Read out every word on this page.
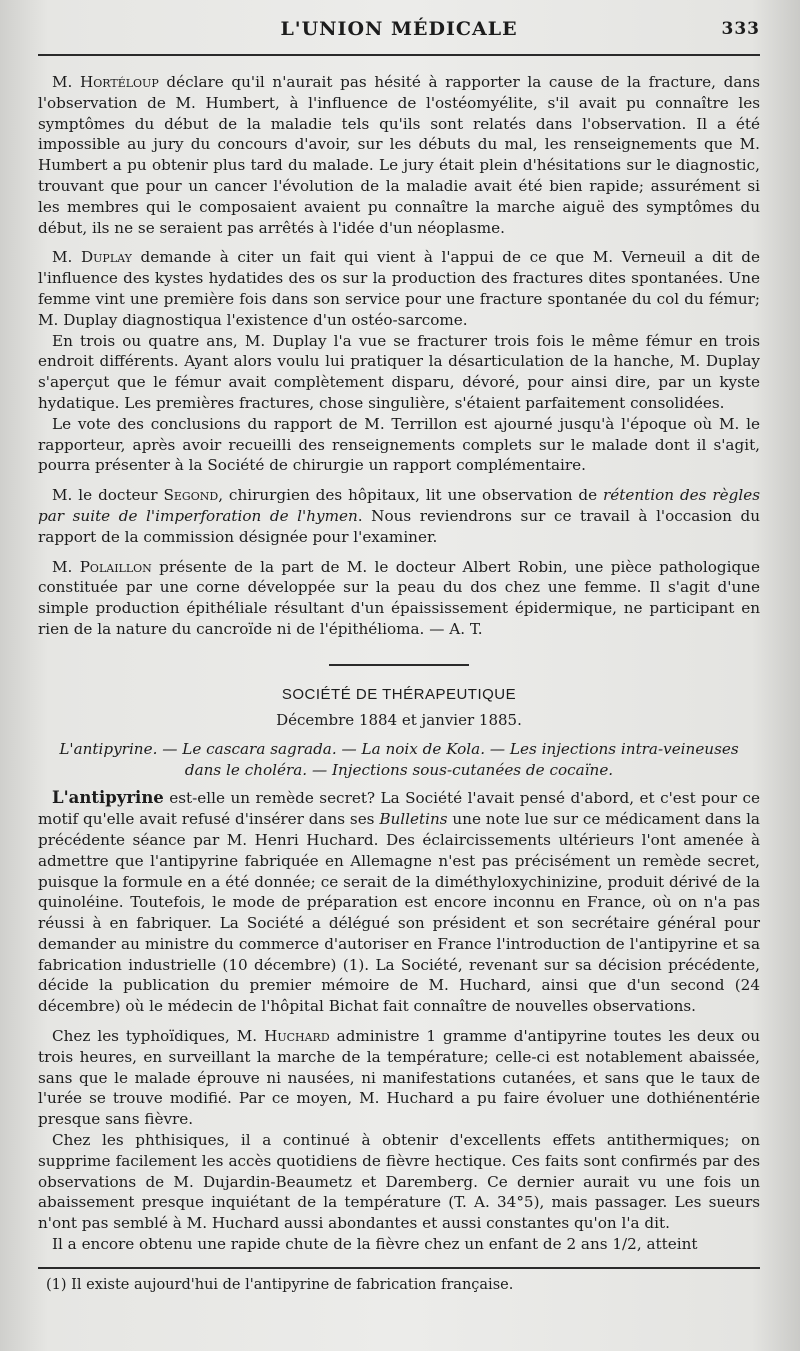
L'UNION MÉDICALE	333

M. Hortéloup déclare qu'il n'aurait pas hésité à rapporter la cause de la fracture, dans l'observation de M. Humbert, à l'influence de l'ostéomyélite, s'il avait pu connaître les symptômes du début de la maladie tels qu'ils sont relatés dans l'observation. Il a été impossible au jury du concours d'avoir, sur les débuts du mal, les renseignements que M. Humbert a pu obtenir plus tard du malade. Le jury était plein d'hésitations sur le diagnostic, trouvant que pour un cancer l'évolution de la maladie avait été bien rapide; assurément si les membres qui le composaient avaient pu connaître la marche aiguë des symptômes du début, ils ne se seraient pas arrêtés à l'idée d'un néoplasme.

M. Duplay demande à citer un fait qui vient à l'appui de ce que M. Verneuil a dit de l'influence des kystes hydatides des os sur la production des fractures dites spontanées. Une femme vint une première fois dans son service pour une fracture spontanée du col du fémur; M. Duplay diagnostiqua l'existence d'un ostéo-sarcome.

En trois ou quatre ans, M. Duplay l'a vue se fracturer trois fois le même fémur en trois endroit différents. Ayant alors voulu lui pratiquer la désarticulation de la hanche, M. Duplay s'aperçut que le fémur avait complètement disparu, dévoré, pour ainsi dire, par un kyste hydatique. Les premières fractures, chose singulière, s'étaient parfaitement consolidées.

Le vote des conclusions du rapport de M. Terrillon est ajourné jusqu'à l'époque où M. le rapporteur, après avoir recueilli des renseignements complets sur le malade dont il s'agit, pourra présenter à la Société de chirurgie un rapport complémentaire.

M. le docteur Segond, chirurgien des hôpitaux, lit une observation de rétention des règles par suite de l'imperforation de l'hymen. Nous reviendrons sur ce travail à l'occasion du rapport de la commission désignée pour l'examiner.

M. Polaillon présente de la part de M. le docteur Albert Robin, une pièce pathologique constituée par une corne développée sur la peau du dos chez une femme. Il s'agit d'une simple production épithéliale résultant d'un épaississement épidermique, ne participant en rien de la nature du cancroïde ni de l'épithélioma. — A. T.

SOCIÉTÉ DE THÉRAPEUTIQUE
Décembre 1884 et janvier 1885.
L'antipyrine. — Le cascara sagrada. — La noix de Kola. — Les injections intra-veineuses
dans le choléra. — Injections sous-cutanées de cocaïne.

L'antipyrine est-elle un remède secret? La Société l'avait pensé d'abord, et c'est pour ce motif qu'elle avait refusé d'insérer dans ses Bulletins une note lue sur ce médicament dans la précédente séance par M. Henri Huchard. Des éclaircissements ultérieurs l'ont amenée à admettre que l'antipyrine fabriquée en Allemagne n'est pas précisément un remède secret, puisque la formule en a été donnée; ce serait de la diméthyloxychinizine, produit dérivé de la quinoléine. Toutefois, le mode de préparation est encore inconnu en France, où on n'a pas réussi à en fabriquer. La Société a délégué son président et son secrétaire général pour demander au ministre du commerce d'autoriser en France l'introduction de l'antipyrine et sa fabrication industrielle (10 décembre) (1). La Société, revenant sur sa décision précédente, décide la publication du premier mémoire de M. Huchard, ainsi que d'un second (24 décembre) où le médecin de l'hôpital Bichat fait connaître de nouvelles observations.

Chez les typhoïdiques, M. Huchard administre 1 gramme d'antipyrine toutes les deux ou trois heures, en surveillant la marche de la température; celle-ci est notablement abaissée, sans que le malade éprouve ni nausées, ni manifestations cutanées, et sans que le taux de l'urée se trouve modifié. Par ce moyen, M. Huchard a pu faire évoluer une dothiénentérie presque sans fièvre.

Chez les phthisiques, il a continué à obtenir d'excellents effets antithermiques; on supprime facilement les accès quotidiens de fièvre hectique. Ces faits sont confirmés par des observations de M. Dujardin-Beaumetz et Daremberg. Ce dernier aurait vu une fois un abaissement presque inquiétant de la température (T. A. 34°5), mais passager. Les sueurs n'ont pas semblé à M. Huchard aussi abondantes et aussi constantes qu'on l'a dit.

Il a encore obtenu une rapide chute de la fièvre chez un enfant de 2 ans 1/2, atteint

(1) Il existe aujourd'hui de l'antipyrine de fabrication française.
